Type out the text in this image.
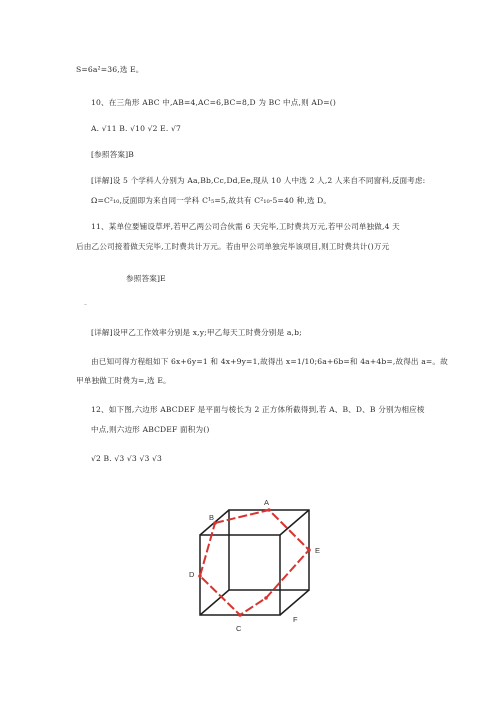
S=6a²=36,选 E。
10、在三角形 ABC 中,AB=4,AC=6,BC=8,D 为 BC 中点,则 AD=()
A. √11 B. √10 √2 E. √7
[参照答案]B
[详解]设 5 个学科人分别为 Aa,Bb,Cc,Dd,Ee,现从 10 人中选 2 人,2 人来自不同窗科,反面考虑:
Ω=C²₁₀,反面即为来自同一学科 C¹₅=5,故共有 C²₁₀-5=40 种,选 D。
11、某单位要铺设草坪,若甲乙两公司合伙需 6 天完毕,工时费共万元,若甲公司单独做,4 天
后由乙公司接着做天完毕,工时费共计万元。若由甲公司单独完毕该项目,则工时费共计()万元
参照答案]E
–
[详解]设甲乙工作效率分别是 x,y;甲乙每天工时费分别是 a,b;
由已知可得方程组如下 6x+6y=1 和 4x+9y=1,故得出 x=1/10;6a+6b=和 4a+4b=,故得出 a=。故
甲单独做工时费为=,选 E。
12、如下图,六边形 ABCDEF 是平面与棱长为 2 正方体所截得到,若 A、B、D、B 分别为相应棱
中点,则六边形 ABCDEF 面积为()
√2 B. √3 √3 √3 √3
A
B
C
D
E
F
